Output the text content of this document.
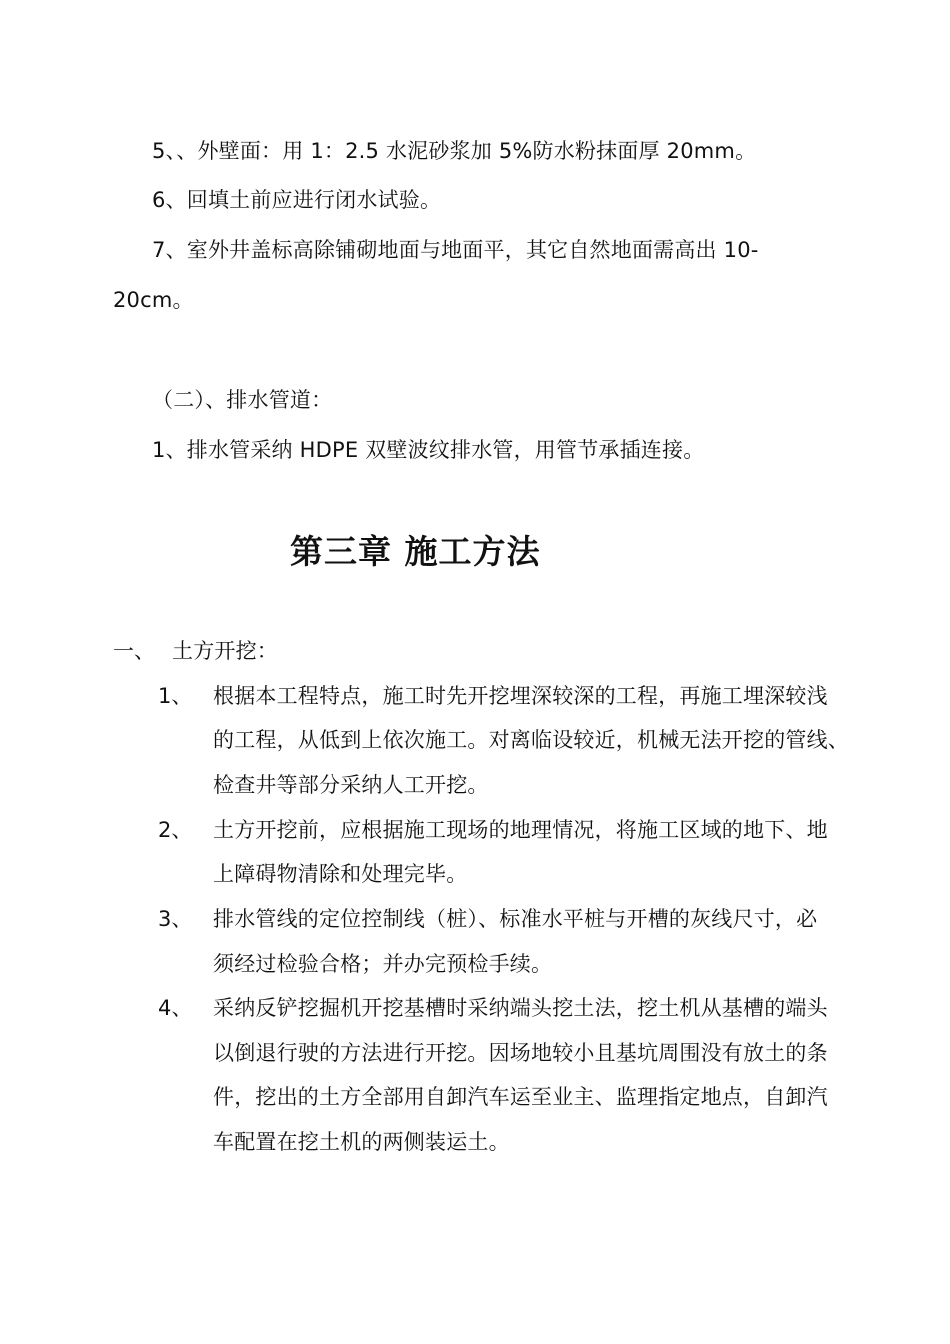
5、、外壁面：用 1：2.5 水泥砂浆加 5%防水粉抹面厚 20mm。
6、回填土前应进行闭水试验。
7、室外井盖标高除铺砌地面与地面平，其它自然地面需高出 10-
20cm。
（二）、排水管道：
1、排水管采纳 HDPE 双壁波纹排水管，用管节承插连接。
第三章 施工方法
一、 土方开挖：
1、 根据本工程特点，施工时先开挖埋深较深的工程，再施工埋深较浅
的工程，从低到上依次施工。对离临设较近，机械无法开挖的管线、
检查井等部分采纳人工开挖。
2、 土方开挖前，应根据施工现场的地理情况，将施工区域的地下、地
上障碍物清除和处理完毕。
3、 排水管线的定位控制线（桩）、标准水平桩与开槽的灰线尺寸，必
须经过检验合格；并办完预检手续。
4、 采纳反铲挖掘机开挖基槽时采纳端头挖土法，挖土机从基槽的端头
以倒退行驶的方法进行开挖。因场地较小且基坑周围没有放土的条
件，挖出的土方全部用自卸汽车运至业主、监理指定地点，自卸汽
车配置在挖土机的两侧装运土。
